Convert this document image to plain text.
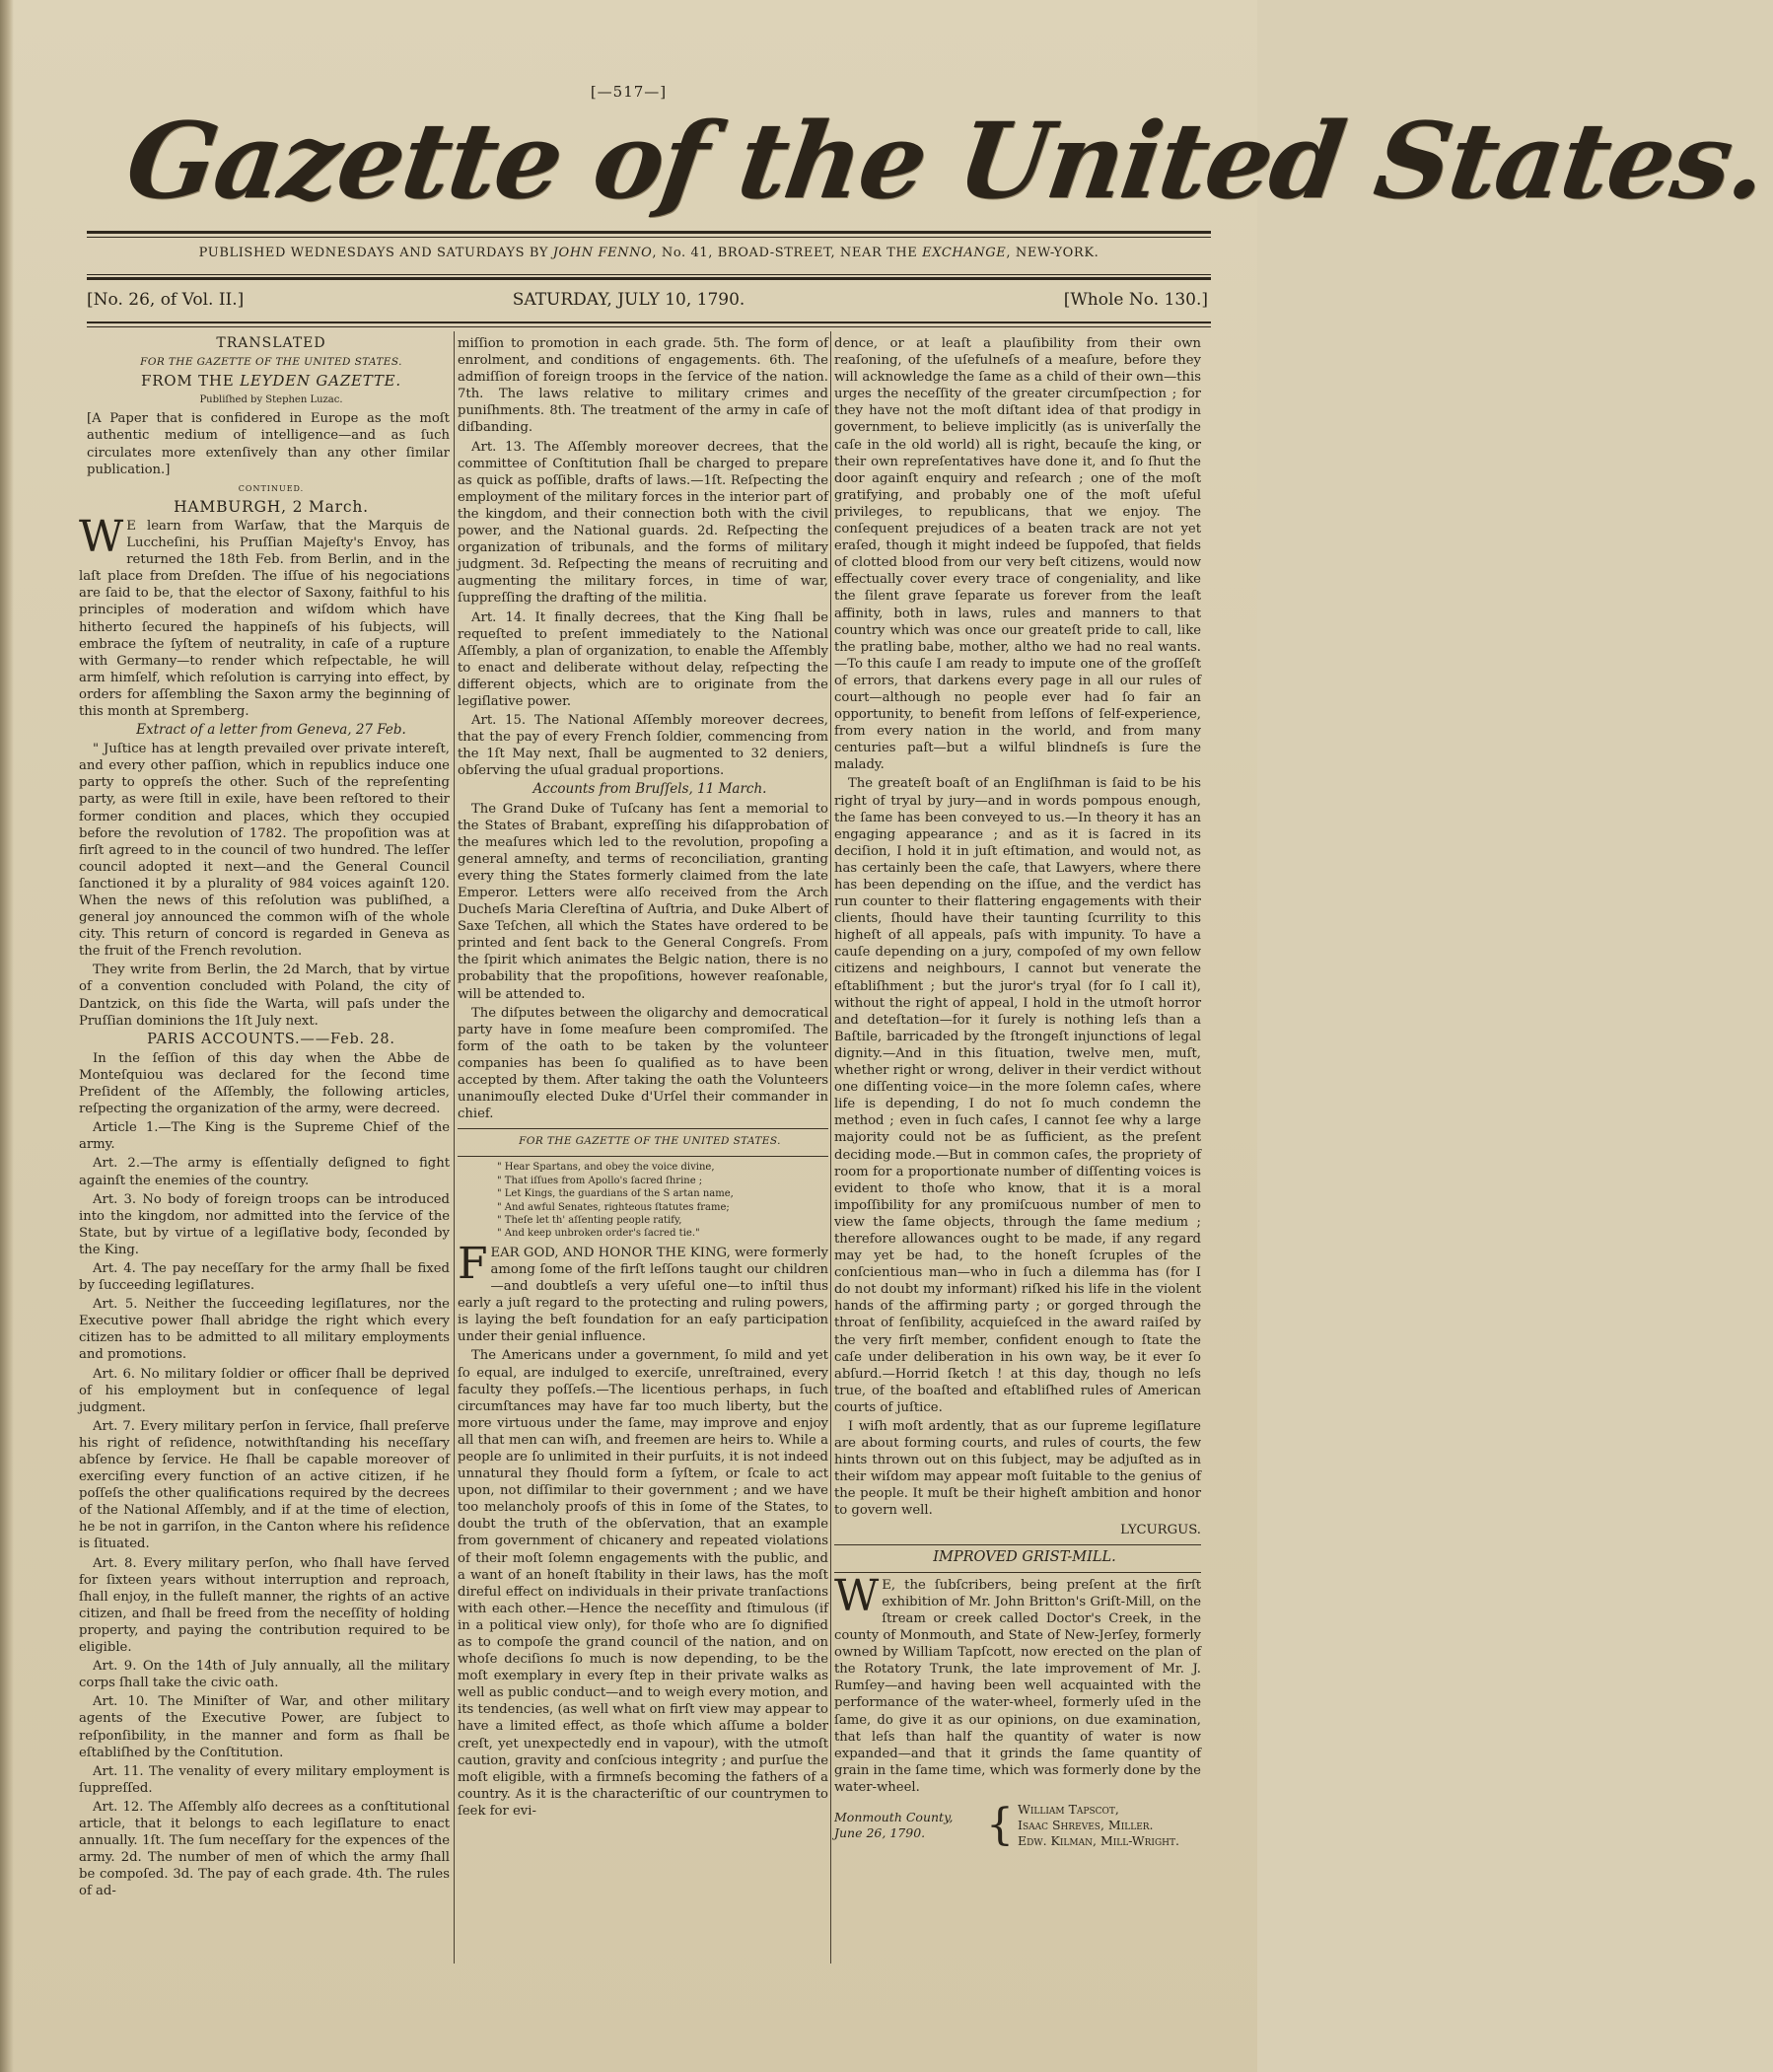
[—517—]
Gazette of the United States.
PUBLISHED WEDNESDAYS AND SATURDAYS BY JOHN FENNO, No. 41, BROAD-STREET, NEAR THE EXCHANGE, NEW-YORK.
[No. 26, of Vol. II.]	SATURDAY, JULY 10, 1790.	[Whole No. 130.]

TRANSLATED

FOR THE GAZETTE OF THE UNITED STATES.

FROM THE LEYDEN GAZETTE.

Publiſhed by Stephen Luzac.

[A Paper that is confidered in Europe as the moſt authentic medium of intelligence—and as ſuch circulates more extenſively than any other ſimilar publication.]

CONTINUED.

HAMBURGH, 2 March.

W E learn from Warſaw, that the Marquis de Luccheſini, his Pruſſian Majeſty's Envoy, has returned the 18th Feb. from Berlin, and in the laſt place from Dreſden. The iſſue of his negociations are ſaid to be, that the elector of Saxony, faithful to his principles of moderation and wiſdom which have hitherto ſecured the happineſs of his ſubjects, will embrace the ſyſtem of neutrality, in caſe of a rupture with Germany—to render which reſpectable, he will arm himſelf, which reſolution is carrying into effect, by orders for aſſembling the Saxon army the beginning of this month at Spremberg.

Extract of a letter from Geneva, 27 Feb.

" Juſtice has at length prevailed over private intereſt, and every other paſſion, which in republics induce one party to oppreſs the other. Such of the repreſenting party, as were ſtill in exile, have been reſtored to their former condition and places, which they occupied before the revolution of 1782. The propoſition was at firſt agreed to in the council of two hundred. The leſſer council adopted it next—and the General Council ſanctioned it by a plurality of 984 voices againſt 120. When the news of this reſolution was publiſhed, a general joy announced the common wiſh of the whole city. This return of concord is regarded in Geneva as the fruit of the French revolution.

They write from Berlin, the 2d March, that by virtue of a convention concluded with Poland, the city of Dantzick, on this ſide the Warta, will paſs under the Pruſſian dominions the 1ſt July next.

PARIS ACCOUNTS.——Feb. 28.

In the ſeſſion of this day when the Abbe de Monteſquiou was declared for the ſecond time Preſident of the Aſſembly, the following articles, reſpecting the organization of the army, were decreed.

Article 1.—The King is the Supreme Chief of the army.

Art. 2.—The army is eſſentially deſigned to fight againſt the enemies of the country.

Art. 3. No body of foreign troops can be introduced into the kingdom, nor admitted into the ſervice of the State, but by virtue of a legiſlative body, ſeconded by the King.

Art. 4. The pay neceſſary for the army ſhall be fixed by ſucceeding legiſlatures.

Art. 5. Neither the ſucceeding legiſlatures, nor the Executive power ſhall abridge the right which every citizen has to be admitted to all military employments and promotions.

Art. 6. No military ſoldier or officer ſhall be deprived of his employment but in conſequence of legal judgment.

Art. 7. Every military perſon in ſervice, ſhall preſerve his right of reſidence, notwithſtanding his neceſſary abſence by ſervice. He ſhall be capable moreover of exerciſing every function of an active citizen, if he poſſeſs the other qualifications required by the decrees of the National Aſſembly, and if at the time of election, he be not in garriſon, in the Canton where his reſidence is ſituated.

Art. 8. Every military perſon, who ſhall have ſerved for ſixteen years without interruption and reproach, ſhall enjoy, in the fulleſt manner, the rights of an active citizen, and ſhall be freed from the neceſſity of holding property, and paying the contribution required to be eligible.

Art. 9. On the 14th of July annually, all the military corps ſhall take the civic oath.

Art. 10. The Miniſter of War, and other military agents of the Executive Power, are ſubject to reſponſibility, in the manner and form as ſhall be eſtabliſhed by the Conſtitution.

Art. 11. The venality of every military employment is ſuppreſſed.

Art. 12. The Aſſembly alſo decrees as a conſtitutional article, that it belongs to each legiſlature to enact annually. 1ſt. The ſum neceſſary for the expences of the army. 2d. The number of men of which the army ſhall be compoſed. 3d. The pay of each grade. 4th. The rules of ad-

miſſion to promotion in each grade. 5th. The form of enrolment, and conditions of engagements. 6th. The admiſſion of foreign troops in the ſervice of the nation. 7th. The laws relative to military crimes and puniſhments. 8th. The treatment of the army in caſe of diſbanding.

Art. 13. The Aſſembly moreover decrees, that the committee of Conſtitution ſhall be charged to prepare as quick as poſſible, drafts of laws.—1ſt. Reſpecting the employment of the military forces in the interior part of the kingdom, and their connection both with the civil power, and the National guards. 2d. Reſpecting the organization of tribunals, and the forms of military judgment. 3d. Reſpecting the means of recruiting and augmenting the military forces, in time of war, ſuppreſſing the drafting of the militia.

Art. 14. It finally decrees, that the King ſhall be requeſted to preſent immediately to the National Aſſembly, a plan of organization, to enable the Aſſembly to enact and deliberate without delay, reſpecting the different objects, which are to originate from the legiſlative power.

Art. 15. The National Aſſembly moreover decrees, that the pay of every French ſoldier, commencing from the 1ſt May next, ſhall be augmented to 32 deniers, obſerving the uſual gradual proportions.

Accounts from Bruſſels, 11 March.

The Grand Duke of Tuſcany has ſent a memorial to the States of Brabant, expreſſing his diſapprobation of the meaſures which led to the revolution, propoſing a general amneſty, and terms of reconciliation, granting every thing the States formerly claimed from the late Emperor. Letters were alſo received from the Arch Ducheſs Maria Clereſtina of Auſtria, and Duke Albert of Saxe Teſchen, all which the States have ordered to be printed and ſent back to the General Congreſs. From the ſpirit which animates the Belgic nation, there is no probability that the propoſitions, however reaſonable, will be attended to.

The diſputes between the oligarchy and democratical party have in ſome meaſure been compromiſed. The form of the oath to be taken by the volunteer companies has been ſo qualified as to have been accepted by them. After taking the oath the Volunteers unanimouſly elected Duke d'Urſel their commander in chief.

FOR THE GAZETTE OF THE UNITED STATES.

" Hear Spartans, and obey the voice divine,
" That iſſues from Apollo's ſacred ſhrine ;
" Let Kings, the guardians of the S artan name,
" And awful Senates, righteous ſtatutes frame;
" Theſe let th' aſſenting people ratify,
" And keep unbroken order's ſacred tie."

FEAR GOD, AND HONOR THE KING, were formerly among ſome of the firſt leſſons taught our children—and doubtleſs a very uſeful one—to inſtil thus early a juſt regard to the protecting and ruling powers, is laying the beſt foundation for an eaſy participation under their genial influence.

The Americans under a government, ſo mild and yet ſo equal, are indulged to exerciſe, unreſtrained, every faculty they poſſeſs.—The licentious perhaps, in ſuch circumſtances may have far too much liberty, but the more virtuous under the ſame, may improve and enjoy all that men can wiſh, and freemen are heirs to. While a people are ſo unlimited in their purſuits, it is not indeed unnatural they ſhould form a ſyſtem, or ſcale to act upon, not diſſimilar to their government ; and we have too melancholy proofs of this in ſome of the States, to doubt the truth of the obſervation, that an example from government of chicanery and repeated violations of their moſt ſolemn engagements with the public, and a want of an honeſt ſtability in their laws, has the moſt direful effect on individuals in their private tranſactions with each other.—Hence the neceſſity and ſtimulous (if in a political view only), for thoſe who are ſo dignified as to compoſe the grand council of the nation, and on whoſe deciſions ſo much is now depending, to be the moſt exemplary in every ſtep in their private walks as well as public conduct—and to weigh every motion, and its tendencies, (as well what on firſt view may appear to have a limited effect, as thoſe which aſſume a bolder creſt, yet unexpectedly end in vapour), with the utmoſt caution, gravity and conſcious integrity ; and purſue the moſt eligible, with a firmneſs becoming the fathers of a country. As it is the characteriſtic of our countrymen to ſeek for evi-

dence, or at leaſt a plauſibility from their own reaſoning, of the uſefulneſs of a meaſure, before they will acknowledge the ſame as a child of their own—this urges the neceſſity of the greater circumſpection ; for they have not the moſt diſtant idea of that prodigy in government, to believe implicitly (as is univerſally the caſe in the old world) all is right, becauſe the king, or their own repreſentatives have done it, and ſo ſhut the door againſt enquiry and reſearch ; one of the moſt gratifying, and probably one of the moſt uſeful privileges, to republicans, that we enjoy. The conſequent prejudices of a beaten track are not yet eraſed, though it might indeed be ſuppoſed, that fields of clotted blood from our very beſt citizens, would now effectually cover every trace of congeniality, and like the ſilent grave ſeparate us forever from the leaſt affinity, both in laws, rules and manners to that country which was once our greateſt pride to call, like the pratling babe, mother, altho we had no real wants.—To this cauſe I am ready to impute one of the groſſeſt of errors, that darkens every page in all our rules of court—although no people ever had ſo fair an opportunity, to benefit from leſſons of ſelf-experience, from every nation in the world, and from many centuries paſt—but a wilful blindneſs is ſure the malady.

The greateſt boaſt of an Engliſhman is ſaid to be his right of tryal by jury—and in words pompous enough, the ſame has been conveyed to us.—In theory it has an engaging appearance ; and as it is ſacred in its deciſion, I hold it in juſt eſtimation, and would not, as has certainly been the caſe, that Lawyers, where there has been depending on the iſſue, and the verdict has run counter to their flattering engagements with their clients, ſhould have their taunting ſcurrility to this higheſt of all appeals, paſs with impunity. To have a cauſe depending on a jury, compoſed of my own fellow citizens and neighbours, I cannot but venerate the eſtabliſhment ; but the juror's tryal (for ſo I call it), without the right of appeal, I hold in the utmoſt horror and deteſtation—for it ſurely is nothing leſs than a Baſtile, barricaded by the ſtrongeſt injunctions of legal dignity.—And in this ſituation, twelve men, muſt, whether right or wrong, deliver in their verdict without one diſſenting voice—in the more ſolemn caſes, where life is depending, I do not ſo much condemn the method ; even in ſuch caſes, I cannot ſee why a large majority could not be as ſufficient, as the preſent deciding mode.—But in common caſes, the propriety of room for a proportionate number of diſſenting voices is evident to thoſe who know, that it is a moral impoſſibility for any promiſcuous number of men to view the ſame objects, through the ſame medium ; therefore allowances ought to be made, if any regard may yet be had, to the honeſt ſcruples of the conſcientious man—who in ſuch a dilemma has (for I do not doubt my informant) riſked his life in the violent hands of the affirming party ; or gorged through the throat of ſenſibility, acquieſced in the award raiſed by the very firſt member, confident enough to ſtate the caſe under deliberation in his own way, be it ever ſo abſurd.—Horrid ſketch ! at this day, though no leſs true, of the boaſted and eſtabliſhed rules of American courts of juſtice.

I wiſh moſt ardently, that as our ſupreme legiſlature are about forming courts, and rules of courts, the few hints thrown out on this ſubject, may be adjuſted as in their wiſdom may appear moſt ſuitable to the genius of the people. It muſt be their higheſt ambition and honor to govern well.

LYCURGUS.

IMPROVED GRIST-MILL.

W E, the ſubſcribers, being preſent at the firſt exhibition of Mr. John Britton's Griſt-Mill, on the ſtream or creek called Doctor's Creek, in the county of Monmouth, and State of New-Jerſey, formerly owned by William Tapſcott, now erected on the plan of the Rotatory Trunk, the late improvement of Mr. J. Rumſey—and having been well acquainted with the performance of the water-wheel, formerly uſed in the ſame, do give it as our opinions, on due examination, that leſs than half the quantity of water is now expanded—and that it grinds the ſame quantity of grain in the ſame time, which was formerly done by the water-wheel.

Monmouth County,
June 26, 1790.	{ William Tapscot,
Isaac Shreves, Miller.
Edw. Kilman, Mill-Wright.
